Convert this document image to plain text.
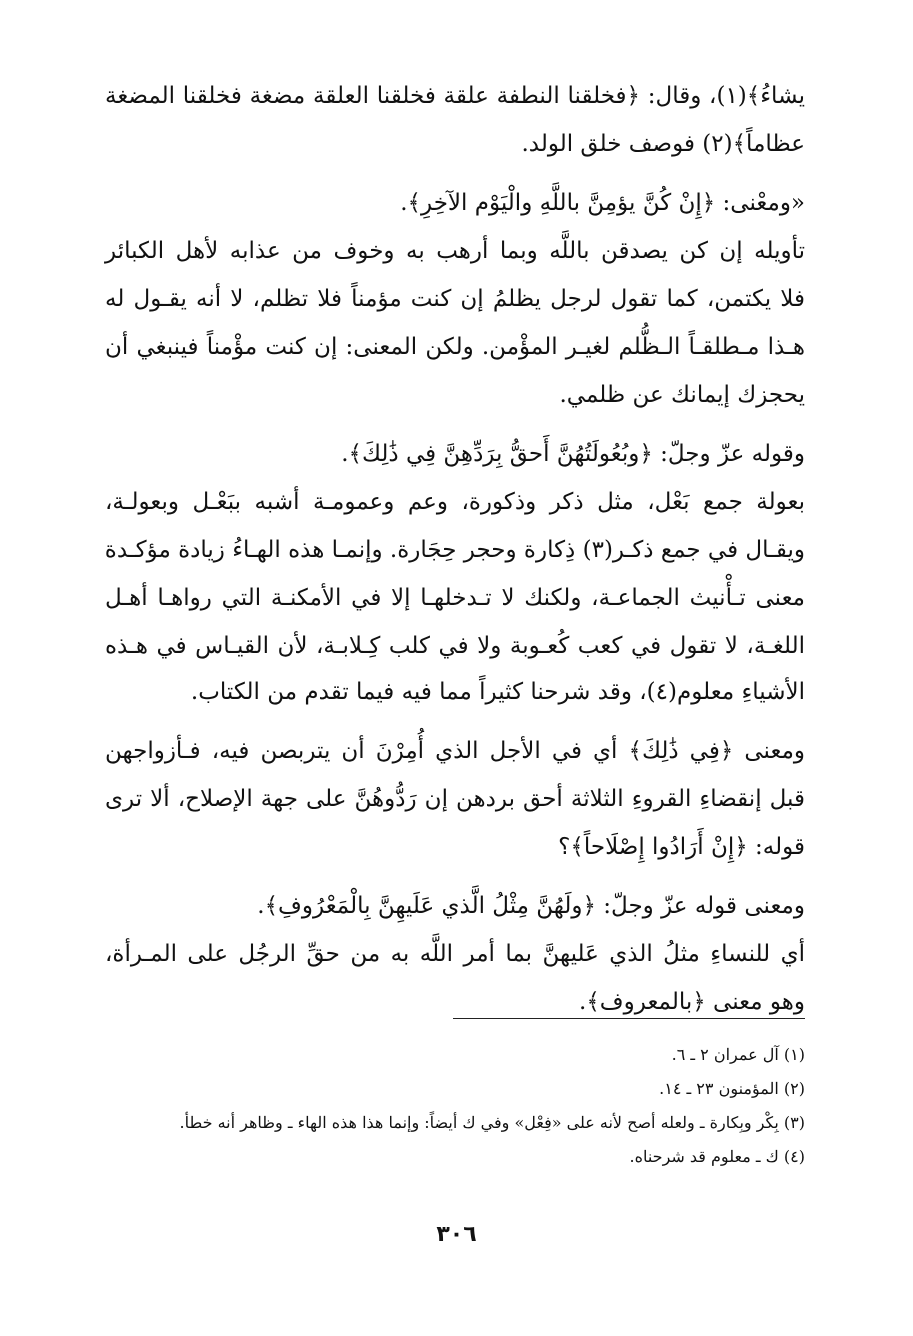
يشاءُ﴾(١)، وقال: ﴿فخلقنا النطفة علقة فخلقنا العلقة مضغة فخلقنا المضغة
عظاماً﴾(٢) فوصف خلق الولد.
«ومعْنى: ﴿إِنْ كُنَّ يؤمِنَّ باللَّهِ والْيَوْم الآخِرِ﴾.
تأويله إن كن يصدقن باللَّه وبما أرهب به وخوف من عذابه لأهل الكبائر
فلا يكتمن، كما تقول لرجل يظلمُ إن كنت مؤمناً فلا تظلم، لا أنه يقـول له
هـذا مـطلقـاً الـظُّلم لغيـر المؤْمن. ولكن المعنى: إن كنت مؤْمناً فينبغي أن
يحجزك إيمانك عن ظلمي.
وقوله عزّ وجلّ: ﴿وبُعُولَتُهُنَّ أَحقُّ بِرَدِّهِنَّ فِي ذَٰلِكَ﴾.
بعولة جمع بَعْل، مثل ذكر وذكورة، وعم وعمومـة أشبه ببَعْـل وبعولـة،
ويقـال في جمع ذكـر(٣) ذِكارة وحجر حِجَارة. وإنمـا هذه الهـاءُ زيادة مؤكـدة
معنى تـأْنيث الجماعـة، ولكنك لا تـدخلهـا إلا في الأمكنـة التي رواهـا أهـل
اللغـة، لا تقول في كعب كُعـوبة ولا في كلب كِـلابـة، لأن القيـاس في هـذه
الأشياءِ معلوم(٤)، وقد شرحنا كثيراً مما فيه فيما تقدم من الكتاب.
ومعنى ﴿فِي ذَٰلِكَ﴾ أي في الأجل الذي أُمِرْنَ أن يتربصن فيه، فـأزواجهن
قبل إنقضاءِ القروءِ الثلاثة أحق بردهن إن رَدُّوهُنَّ على جهة الإصلاح، ألا ترى
قوله: ﴿إِنْ أَرَادُوا إِصْلَاحاً﴾؟
ومعنى قوله عزّ وجلّ: ﴿ولَهُنَّ مِثْلُ الَّذي عَلَيهِنَّ بِالْمَعْرُوفِ﴾.
أي للنساءِ مثلُ الذي عَليهنَّ بما أمر اللَّه به من حقِّ الرجُل على المـرأة،
وهو معنى ﴿بالمعروف﴾.
(١) آل عمران ٢ ـ ٦.
(٢) المؤمنون ٢٣ ـ ١٤.
(٣) بِكْر وبِكارة ـ ولعله أصح لأنه على «فِعْل» وفي ك أيضاً: وإنما هذا هذه الهاء ـ وظاهر أنه خطأ.
(٤) ك ـ معلوم قد شرحناه.
٣٠٦
